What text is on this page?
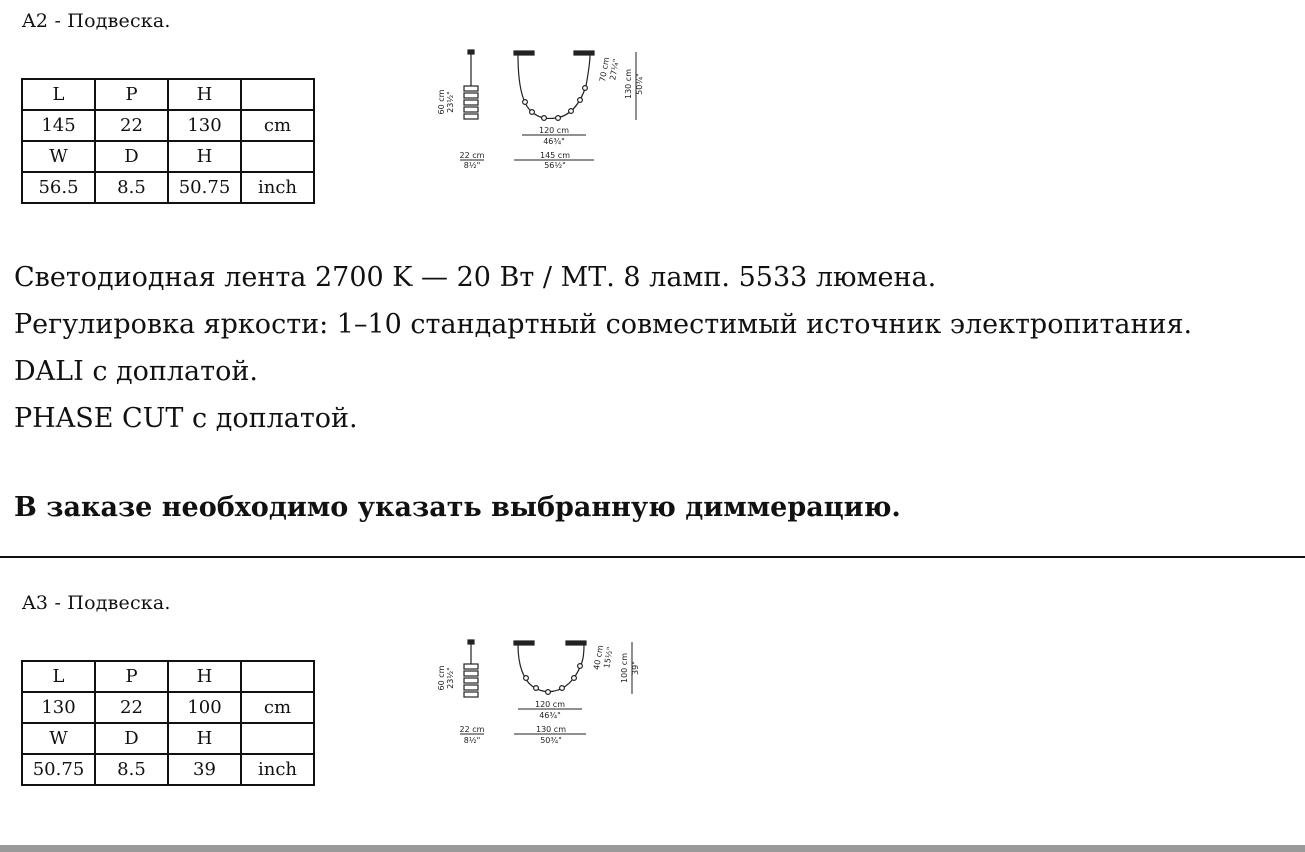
A2 - Подвеска.
L	P	H	
145	22	130	cm
W	D	H	
56.5	8.5	50.75	inch
60 cm 23½"
22 cm
8½"
70 cm
27¼" 130 cm 50¾"
120 cm
46¾"
145 cm
56½"
Светодиодная лента 2700 K — 20 Вт / МТ. 8 ламп. 5533 люмена.
Регулировка яркости: 1–10 стандартный совместимый источник электропитания.
DALI с доплатой.
PHASE CUT с доплатой.
В заказе необходимо указать выбранную диммерацию.
A3 - Подвеска.
L	P	H	
130	22	100	cm
W	D	H	
50.75	8.5	39	inch
60 cm 23½"
22 cm
8½"
40 cm
15½" 100 cm 39"
120 cm
46¾"
130 cm
50¾"
